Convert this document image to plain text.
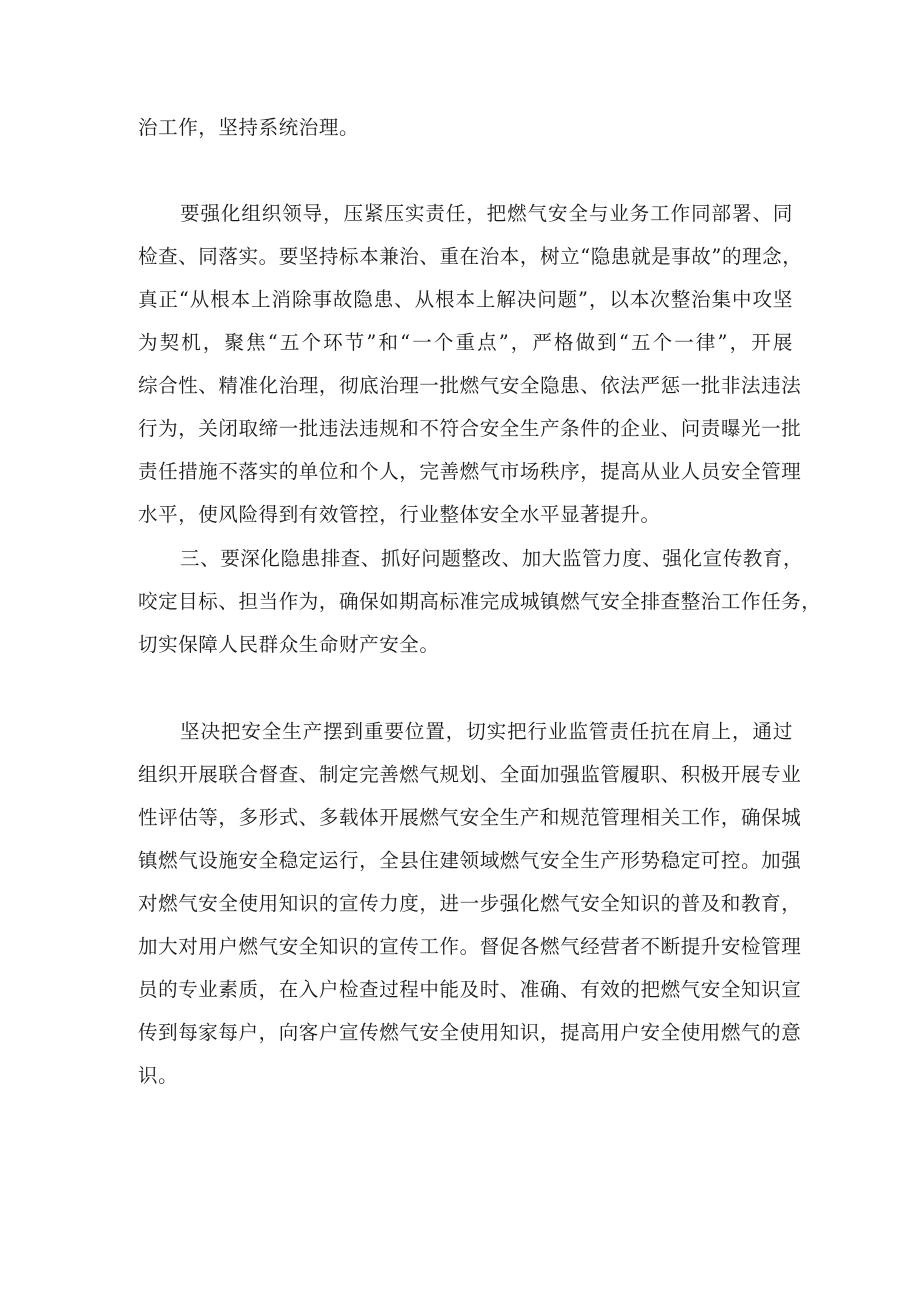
治工作，坚持系统治理。
要强化组织领导，压紧压实责任，把燃气安全与业务工作同部署、同
检查、同落实。要坚持标本兼治、重在治本，树立“隐患就是事故”的理念，
真正“从根本上消除事故隐患、从根本上解决问题”，以本次整治集中攻坚
为契机，聚焦“五个环节”和“一个重点”，严格做到“五个一律”，开展
综合性、精准化治理，彻底治理一批燃气安全隐患、依法严惩一批非法违法
行为，关闭取缔一批违法违规和不符合安全生产条件的企业、问责曝光一批
责任措施不落实的单位和个人，完善燃气市场秩序，提高从业人员安全管理
水平，使风险得到有效管控，行业整体安全水平显著提升。
三、要深化隐患排查、抓好问题整改、加大监管力度、强化宣传教育，
咬定目标、担当作为，确保如期高标准完成城镇燃气安全排查整治工作任务，
切实保障人民群众生命财产安全。
坚决把安全生产摆到重要位置，切实把行业监管责任抗在肩上，通过
组织开展联合督查、制定完善燃气规划、全面加强监管履职、积极开展专业
性评估等，多形式、多载体开展燃气安全生产和规范管理相关工作，确保城
镇燃气设施安全稳定运行，全县住建领域燃气安全生产形势稳定可控。加强
对燃气安全使用知识的宣传力度，进一步强化燃气安全知识的普及和教育，
加大对用户燃气安全知识的宣传工作。督促各燃气经营者不断提升安检管理
员的专业素质，在入户检查过程中能及时、准确、有效的把燃气安全知识宣
传到每家每户，向客户宣传燃气安全使用知识，提高用户安全使用燃气的意
识。
